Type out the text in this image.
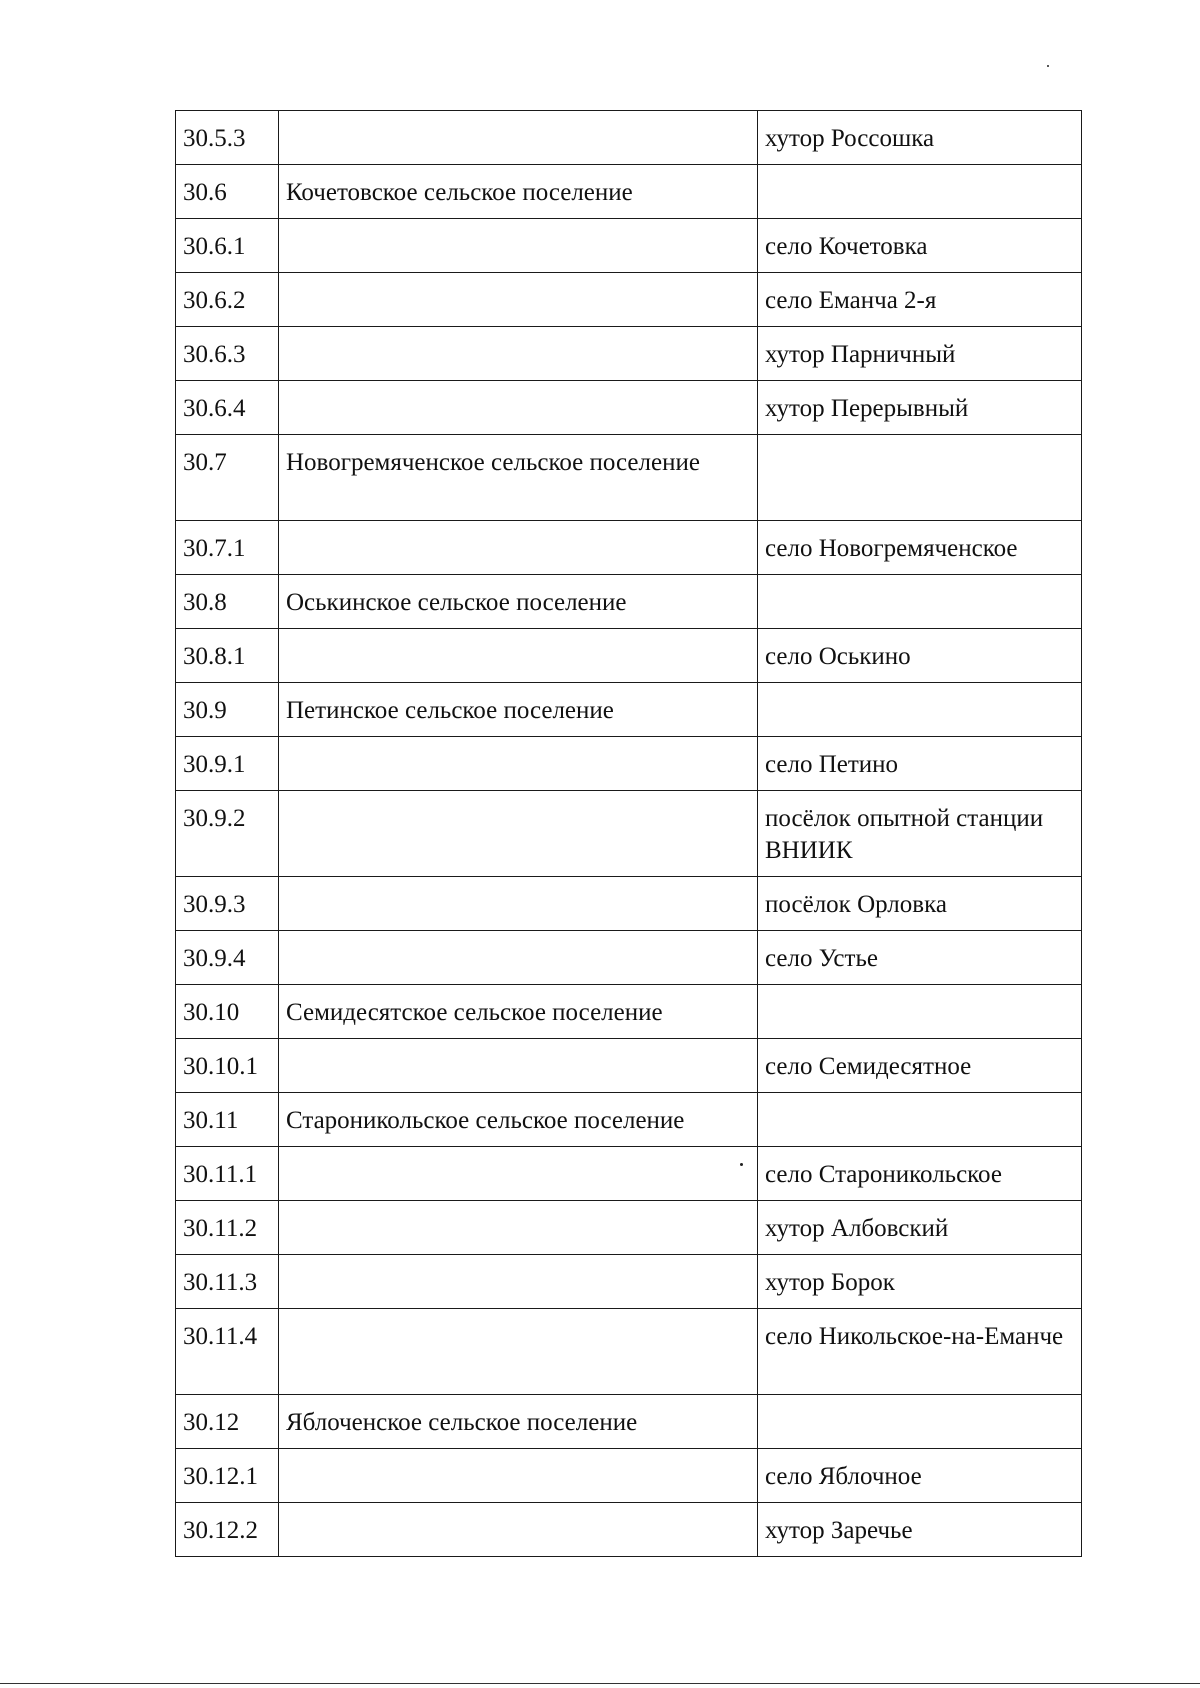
30.5.3		хутор Россошка
30.6	Кочетовское сельское поселение	
30.6.1		село Кочетовка
30.6.2		село Еманча 2-я
30.6.3		хутор Парничный
30.6.4		хутор Перерывный
30.7	Новогремяченское сельское поселение	
30.7.1		село Новогремяченское
30.8	Оськинское сельское поселение	
30.8.1		село Оськино
30.9	Петинское сельское поселение	
30.9.1		село Петино
30.9.2		посёлок опытной станции ВНИИК
30.9.3		посёлок Орловка
30.9.4		село Устье
30.10	Семидесятское сельское поселение	
30.10.1		село Семидесятное
30.11	Староникольское сельское поселение	
30.11.1		село Староникольское
30.11.2		хутор Албовский
30.11.3		хутор Борок
30.11.4		село Никольское-на-Еманче
30.12	Яблоченское сельское поселение	
30.12.1		село Яблочное
30.12.2		хутор Заречье
